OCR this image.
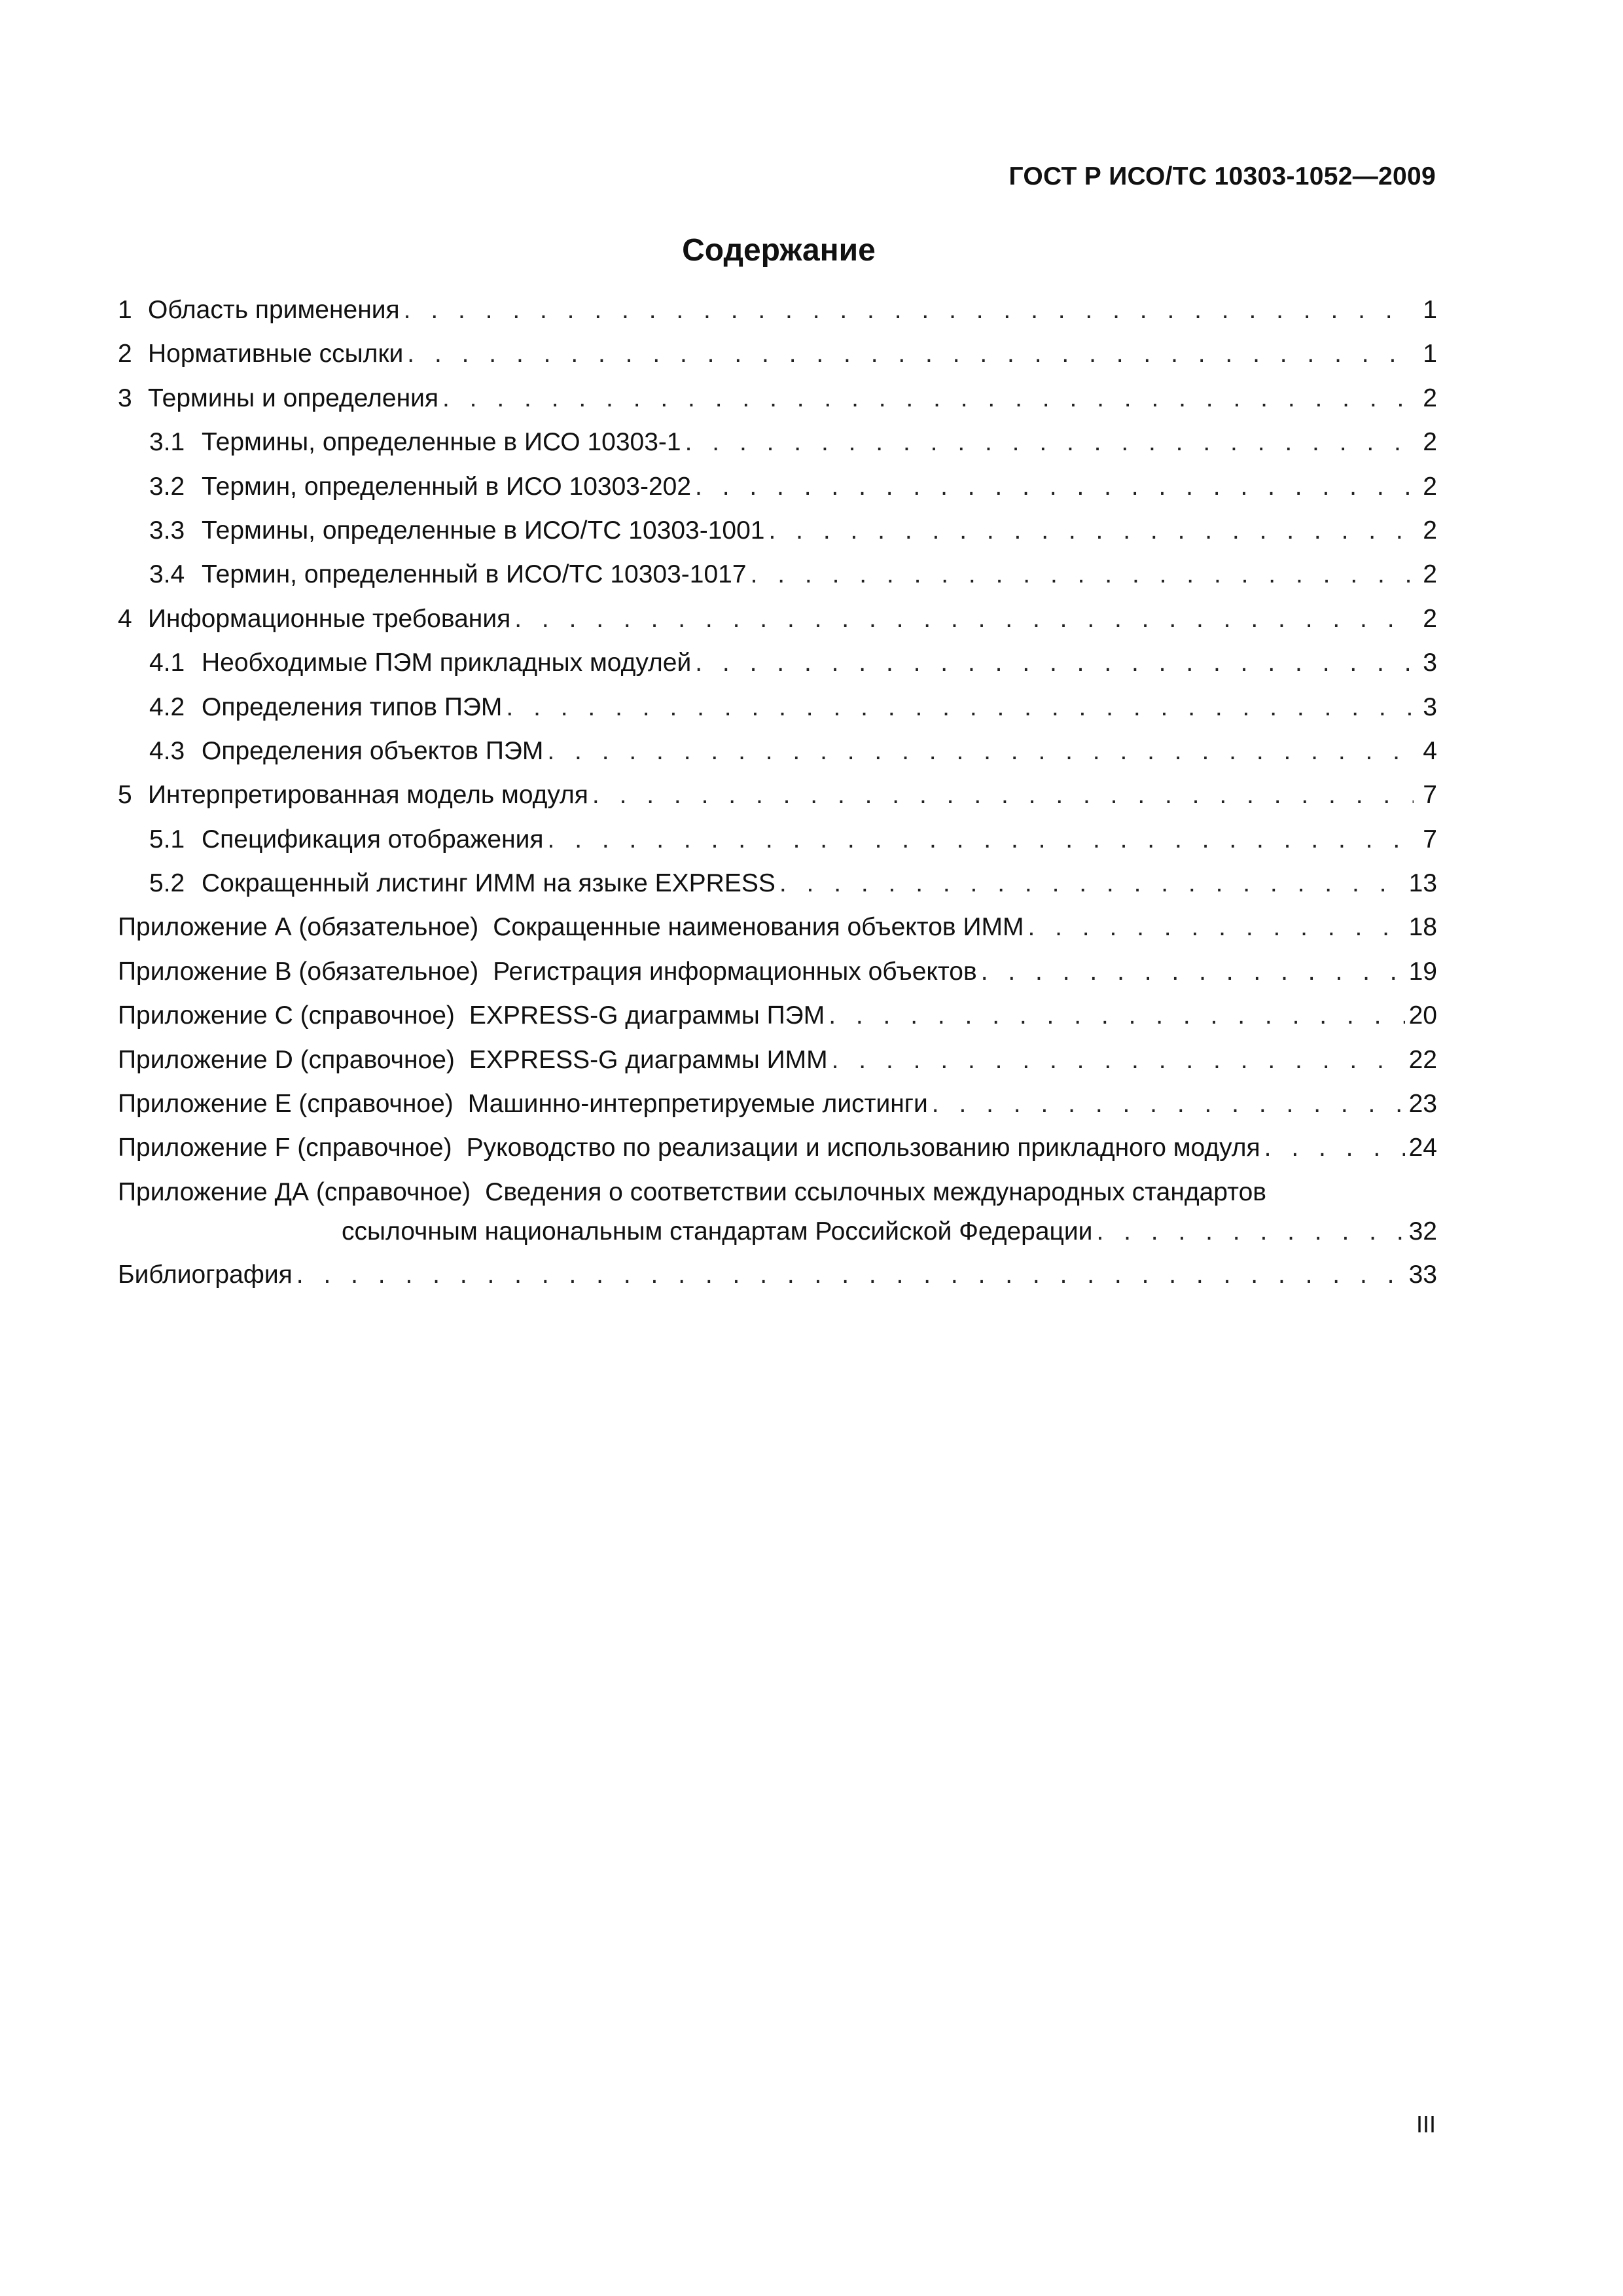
ГОСТ Р ИСО/ТС 10303-1052—2009
Содержание
1 Область применения . . .	1
2 Нормативные ссылки . . .	1
3 Термины и определения . . .	2
3.1 Термины, определенные в ИСО 10303-1 . . .	2
3.2 Термин, определенный в ИСО 10303-202 . . .	2
3.3 Термины, определенные в ИСО/ТС 10303-1001 . . .	2
3.4 Термин, определенный в ИСО/ТС 10303-1017 . . .	2
4 Информационные требования . . .	2
4.1 Необходимые ПЭМ прикладных модулей . . .	3
4.2 Определения типов ПЭМ . . .	3
4.3 Определения объектов ПЭМ . . .	4
5 Интерпретированная модель модуля . . .	7
5.1 Спецификация отображения . . .	7
5.2 Сокращенный листинг ИММ на языке EXPRESS . . .	13
Приложение А (обязательное) Сокращенные наименования объектов ИММ . . .	18
Приложение В (обязательное) Регистрация информационных объектов . . .	19
Приложение С (справочное) EXPRESS-G диаграммы ПЭМ . . .	20
Приложение D (справочное) EXPRESS-G диаграммы ИММ . . .	22
Приложение Е (справочное) Машинно-интерпретируемые листинги . . .	23
Приложение F (справочное) Руководство по реализации и использованию прикладного модуля . . .	24
Приложение ДА (справочное) Сведения о соответствии ссылочных международных стандартов
ссылочным национальным стандартам Российской Федерации . . .	32
Библиография . . .	33
III
